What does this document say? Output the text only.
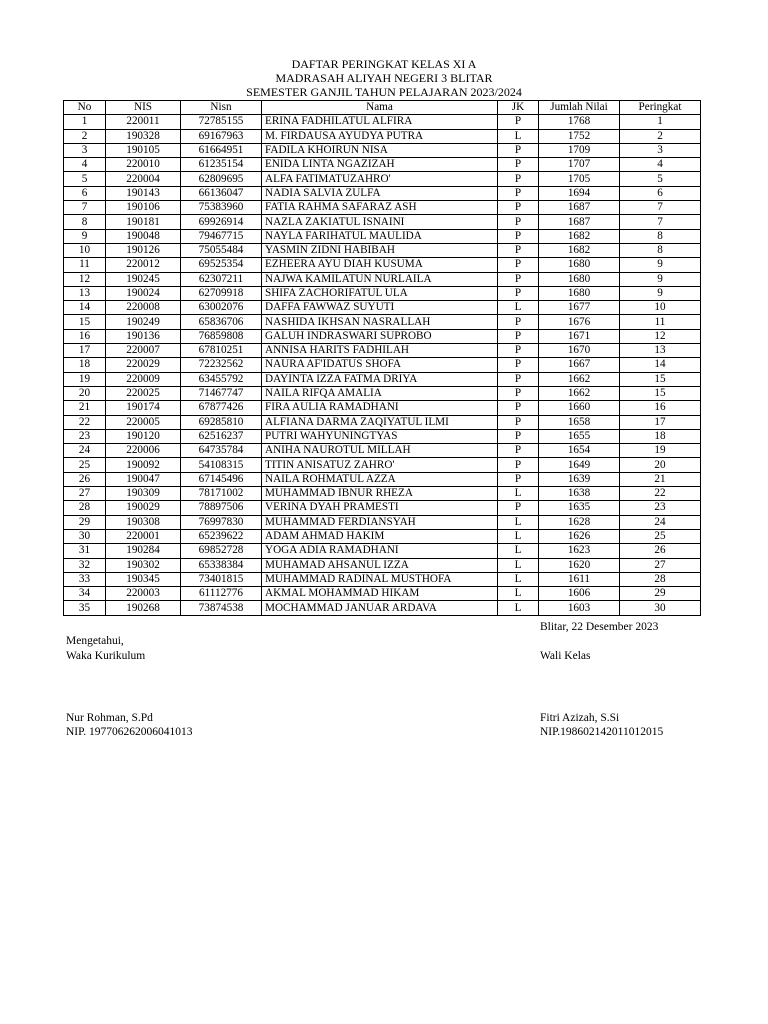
DAFTAR PERINGKAT KELAS XI A
MADRASAH ALIYAH NEGERI 3 BLITAR
SEMESTER GANJIL TAHUN PELAJARAN 2023/2024
No	NIS	Nisn	Nama	JK	Jumlah Nilai	Peringkat
1	220011	72785155	ERINA FADHILATUL ALFIRA	P	1768	1
2	190328	69167963	M. FIRDAUSA AYUDYA PUTRA	L	1752	2
3	190105	61664951	FADILA KHOIRUN NISA	P	1709	3
4	220010	61235154	ENIDA LINTA NGAZIZAH	P	1707	4
5	220004	62809695	ALFA FATIMATUZAHRO'	P	1705	5
6	190143	66136047	NADIA SALVIA ZULFA	P	1694	6
7	190106	75383960	FATIA RAHMA SAFARAZ ASH	P	1687	7
8	190181	69926914	NAZLA ZAKIATUL ISNAINI	P	1687	7
9	190048	79467715	NAYLA FARIHATUL MAULIDA	P	1682	8
10	190126	75055484	YASMIN ZIDNI HABIBAH	P	1682	8
11	220012	69525354	EZHEERA AYU DIAH KUSUMA	P	1680	9
12	190245	62307211	NAJWA KAMILATUN NURLAILA	P	1680	9
13	190024	62709918	SHIFA ZACHORIFATUL ULA	P	1680	9
14	220008	63002076	DAFFA FAWWAZ SUYUTI	L	1677	10
15	190249	65836706	NASHIDA IKHSAN NASRALLAH	P	1676	11
16	190136	76859808	GALUH INDRASWARI SUPROBO	P	1671	12
17	220007	67810251	ANNISA HARITS FADHILAH	P	1670	13
18	220029	72232562	NAURA AF'IDATUS SHOFA	P	1667	14
19	220009	63455792	DAYINTA IZZA FATMA DRIYA	P	1662	15
20	220025	71467747	NAILA RIFQA AMALIA	P	1662	15
21	190174	67877426	FIRA AULIA RAMADHANI	P	1660	16
22	220005	69285810	ALFIANA DARMA ZAQIYATUL ILMI	P	1658	17
23	190120	62516237	PUTRI WAHYUNINGTYAS	P	1655	18
24	220006	64735784	ANIHA NAUROTUL MILLAH	P	1654	19
25	190092	54108315	TITIN ANISATUZ ZAHRO'	P	1649	20
26	190047	67145496	NAILA ROHMATUL AZZA	P	1639	21
27	190309	78171002	MUHAMMAD IBNUR RHEZA	L	1638	22
28	190029	78897506	VERINA DYAH PRAMESTI	P	1635	23
29	190308	76997830	MUHAMMAD FERDIANSYAH	L	1628	24
30	220001	65239622	ADAM AHMAD HAKIM	L	1626	25
31	190284	69852728	YOGA ADIA RAMADHANI	L	1623	26
32	190302	65338384	MUHAMAD AHSANUL IZZA	L	1620	27
33	190345	73401815	MUHAMMAD RADINAL MUSTHOFA	L	1611	28
34	220003	61112776	AKMAL MOHAMMAD HIKAM	L	1606	29
35	190268	73874538	MOCHAMMAD JANUAR ARDAVA	L	1603	30
Blitar, 22 Desember 2023
Mengetahui,
Waka Kurikulum	Wali Kelas
Nur Rohman, S.Pd
NIP. 197706262006041013
Fitri Azizah, S.Si
NIP.198602142011012015
